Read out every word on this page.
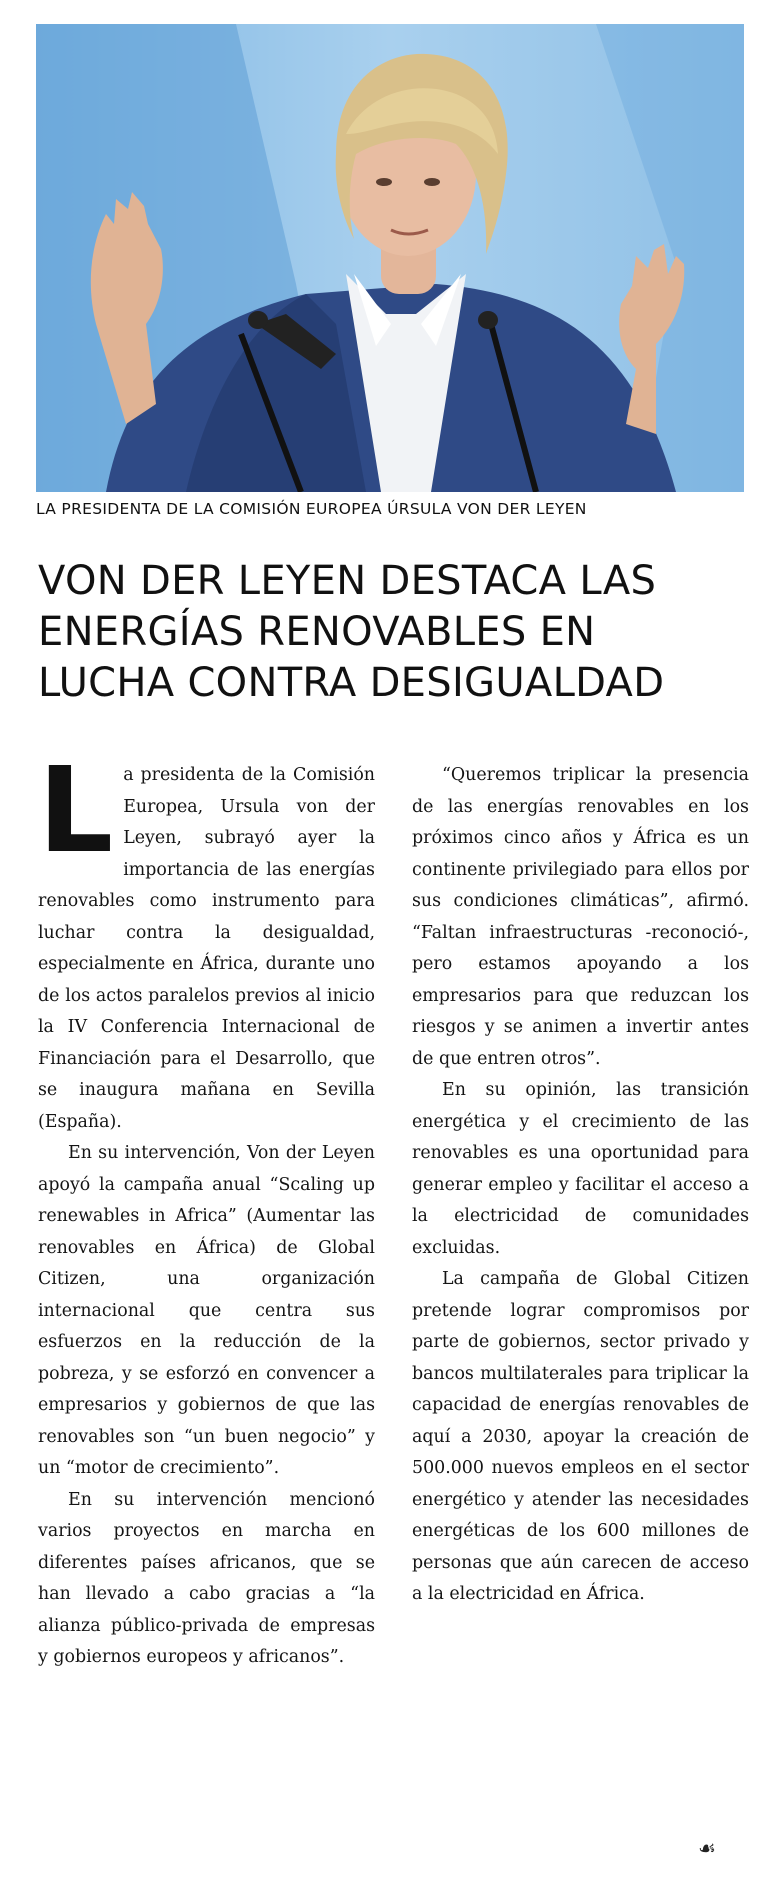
LA PRESIDENTA DE LA COMISIÓN EUROPEA ÚRSULA VON DER LEYEN
VON DER LEYEN DESTACA LAS ENERGÍAS RENOVABLES EN LUCHA CONTRA DESIGUALDAD

La presidenta de la Comisión Europea, Ursula von der Leyen, subrayó ayer la importancia de las energías renovables como instrumento para luchar contra la desigualdad, especialmente en África, durante uno de los actos paralelos previos al inicio la IV Conferencia Internacional de Financiación para el Desarrollo, que se inaugura mañana en Sevilla (España).

En su intervención, Von der Leyen apoyó la campaña anual “Scaling up renewables in Africa” (Aumentar las renovables en África) de Global Citizen, una organización internacional que centra sus esfuerzos en la reducción de la pobreza, y se esforzó en convencer a empresarios y gobiernos de que las renovables son “un buen negocio” y un “motor de crecimiento”.

En su intervención mencionó varios proyectos en marcha en diferentes países africanos, que se han llevado a cabo gracias a “la alianza público-privada de empresas y gobiernos europeos y africanos”.

“Queremos triplicar la presencia de las energías renovables en los próximos cinco años y África es un continente privilegiado para ellos por sus condiciones climáticas”, afirmó. “Faltan infraestructuras -reconoció-, pero estamos apoyando a los empresarios para que reduzcan los riesgos y se animen a invertir antes de que entren otros”.

En su opinión, las transición energética y el crecimiento de las renovables es una oportunidad para generar empleo y facilitar el acceso a la electricidad de comunidades excluidas.

La campaña de Global Citizen pretende lograr compromisos por parte de gobiernos, sector privado y bancos multilaterales para triplicar la capacidad de energías renovables de aquí a 2030, apoyar la creación de 500.000 nuevos empleos en el sector energético y atender las necesidades energéticas de los 600 millones de personas que aún carecen de acceso a la electricidad en África.

☙
